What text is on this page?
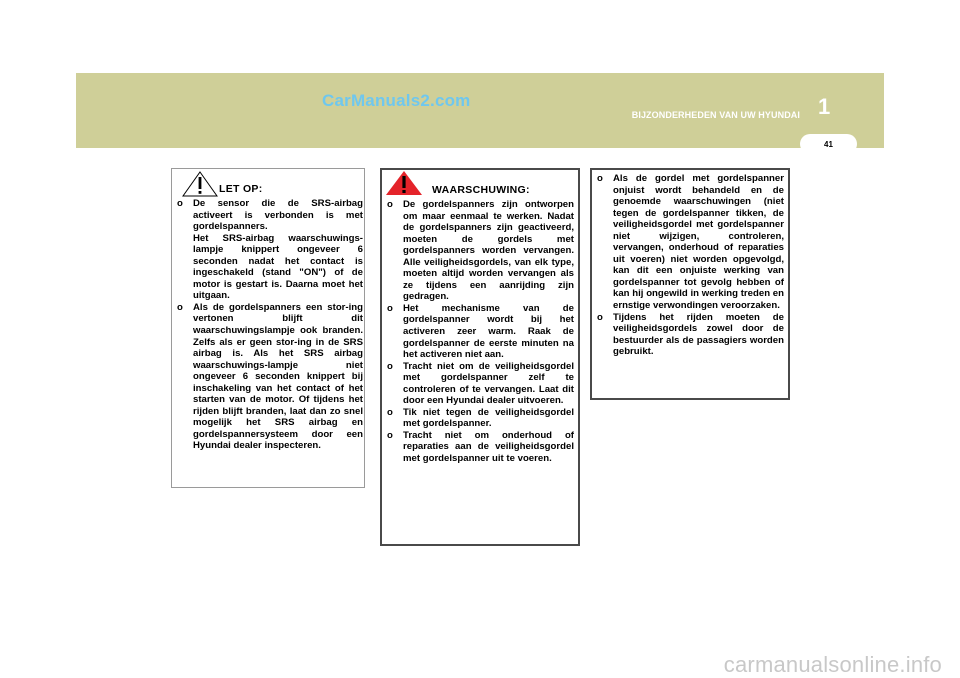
CarManuals2.com
BIJZONDERHEDEN VAN UW HYUNDAI 1
41
LET OP:
o De sensor die de SRS-airbag activeert is verbonden is met gordelspanners.
Het SRS-airbag waarschuwings-lampje knippert ongeveer 6 seconden nadat het contact is ingeschakeld (stand "ON") of de motor is gestart is. Daarna moet het uitgaan.
o Als de gordelspanners een stor-ing vertonen blijft dit waarschuwingslampje ook branden. Zelfs als er geen stor-ing in de SRS airbag is. Als het SRS airbag waarschuwings-lampje niet ongeveer 6 seconden knippert bij inschakeling van het contact of het starten van de motor. Of tijdens het rijden blijft branden, laat dan zo snel mogelijk het SRS airbag en gordelspannersysteem door een Hyundai dealer inspecteren.
WAARSCHUWING:
o De gordelspanners zijn ontworpen om maar eenmaal te werken. Nadat de gordelspanners zijn geactiveerd, moeten de gordels met gordelspanners worden vervangen. Alle veiligheidsgordels, van elk type, moeten altijd worden vervangen als ze tijdens een aanrijding zijn gedragen.
o Het mechanisme van de gordelspanner wordt bij het activeren zeer warm. Raak de gordelspanner de eerste minuten na het activeren niet aan.
o Tracht niet om de veiligheidsgordel met gordelspanner zelf te controleren of te vervangen. Laat dit door een Hyundai dealer uitvoeren.
o Tik niet tegen de veiligheidsgordel met gordelspanner.
o Tracht niet om onderhoud of reparaties aan de veiligheidsgordel met gordelspanner uit te voeren.
o Als de gordel met gordelspanner onjuist wordt behandeld en de genoemde waarschuwingen (niet tegen de gordelspanner tikken, de veiligheidsgordel met gordelspanner niet wijzigen, controleren, vervangen, onderhoud of reparaties uit voeren) niet worden opgevolgd, kan dit een onjuiste werking van gordelspanner tot gevolg hebben of kan hij ongewild in werking treden en ernstige verwondingen veroorzaken.
o Tijdens het rijden moeten de veiligheidsgordels zowel door de bestuurder als de passagiers worden gebruikt.
carmanualsonline.info
